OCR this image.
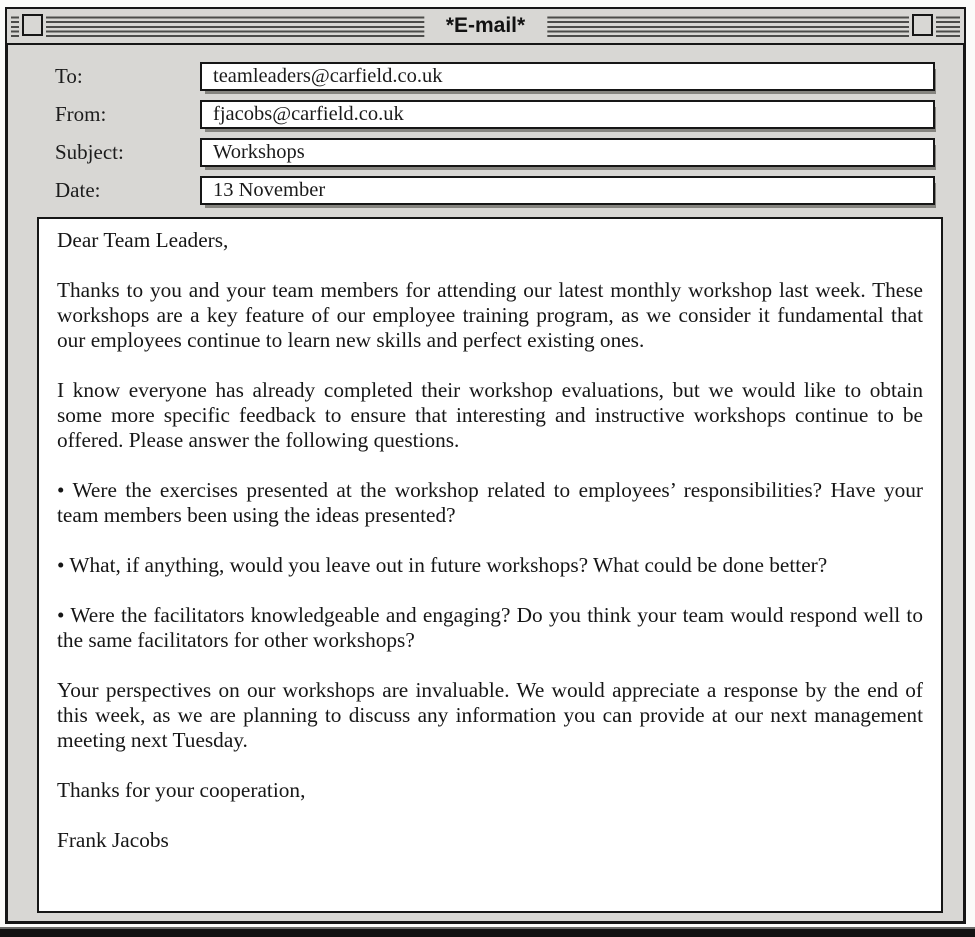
*E-mail*
To:	teamleaders@carfield.co.uk
From:	fjacobs@carfield.co.uk
Subject:	Workshops
Date:	13 November

Dear Team Leaders,

Thanks to you and your team members for attending our latest monthly workshop last week. These workshops are a key feature of our employee training program, as we consider it fundamental that our employees continue to learn new skills and perfect existing ones.

I know everyone has already completed their workshop evaluations, but we would like to obtain some more specific feedback to ensure that interesting and instructive workshops continue to be offered. Please answer the following questions.

• Were the exercises presented at the workshop related to employees’ responsibilities? Have your team members been using the ideas presented?

• What, if anything, would you leave out in future workshops? What could be done better?

• Were the facilitators knowledgeable and engaging? Do you think your team would respond well to the same facilitators for other workshops?

Your perspectives on our workshops are invaluable. We would appreciate a response by the end of this week, as we are planning to discuss any information you can provide at our next management meeting next Tuesday.

Thanks for your cooperation,

Frank Jacobs
